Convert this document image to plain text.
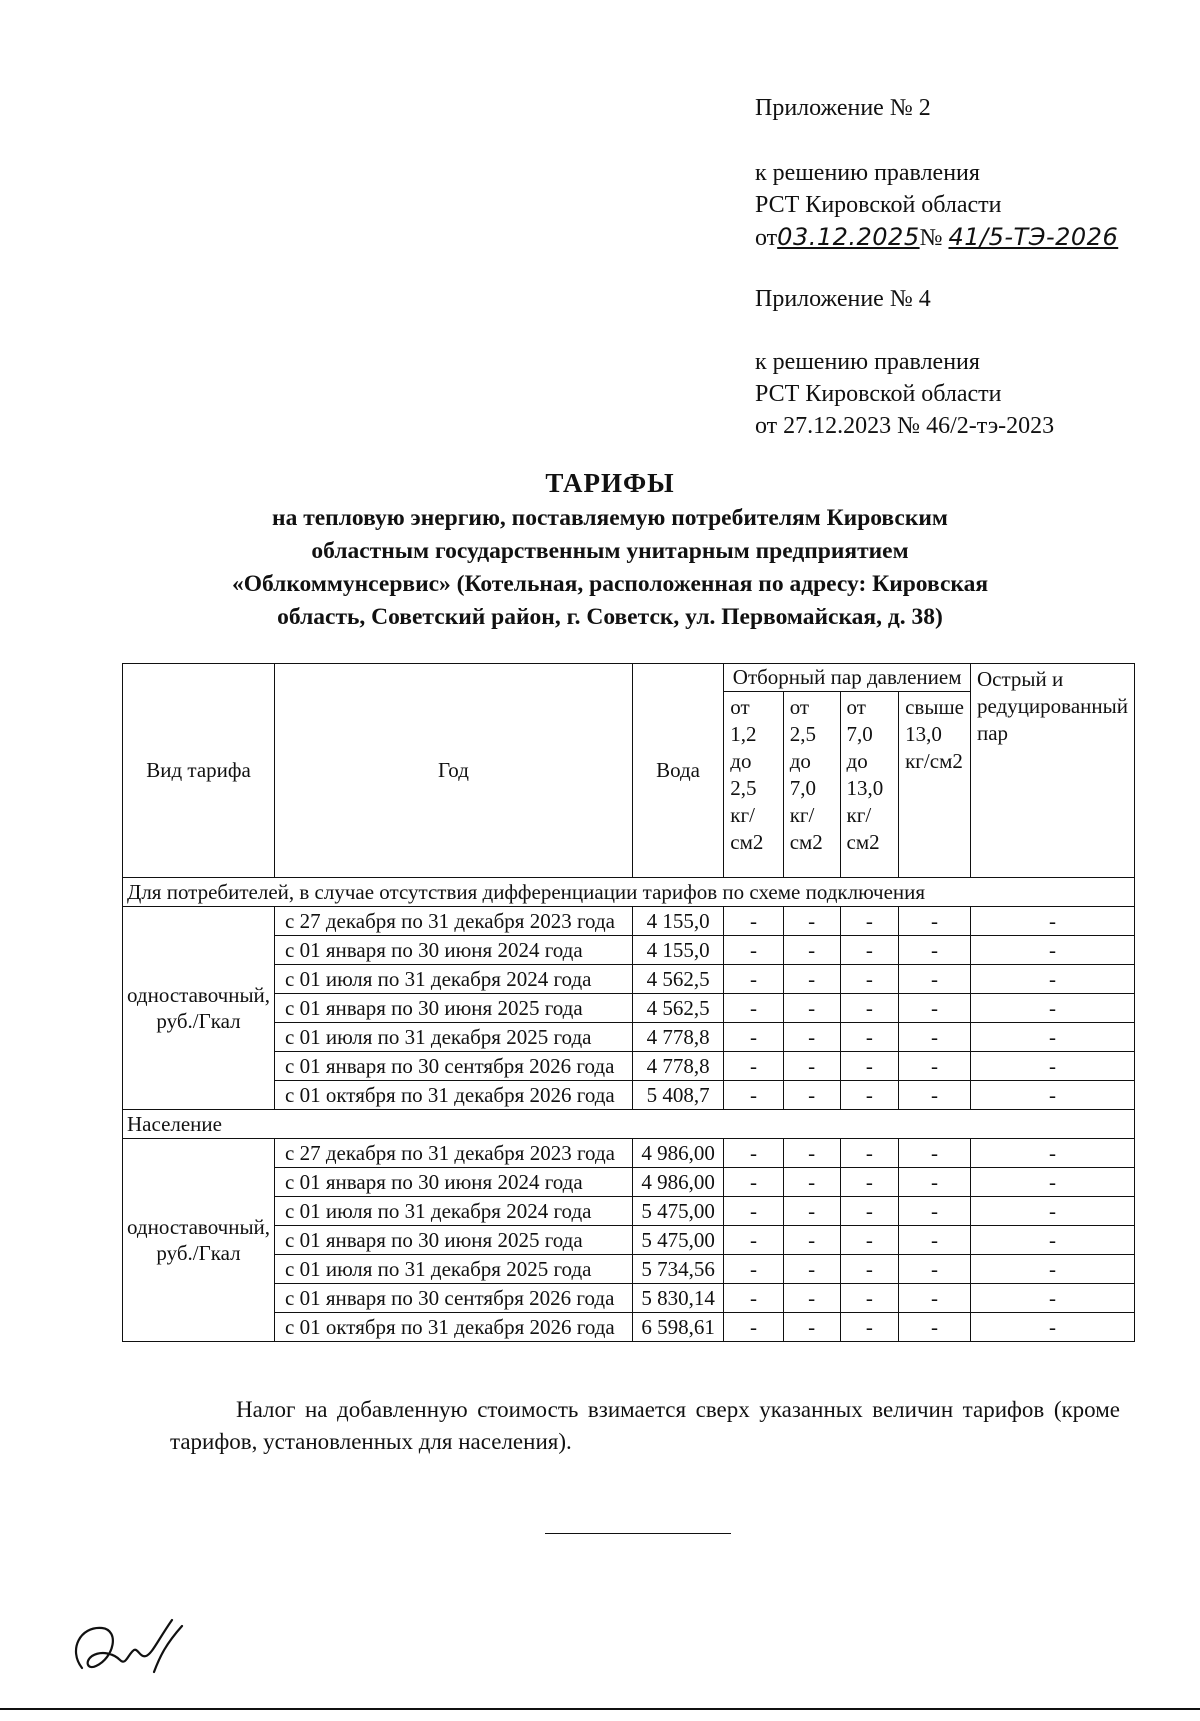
Приложение № 2
к решению правления
РСТ Кировской области
от03.12.2025№ 41/5-ТЭ-2026
Приложение № 4
к решению правления
РСТ Кировской области
от 27.12.2023 № 46/2-тэ-2023
ТАРИФЫ
на тепловую энергию, поставляемую потребителям Кировским
областным государственным унитарным предприятием
«Облкоммунсервис» (Котельная, расположенная по адресу: Кировская
область, Советский район, г. Советск, ул. Первомайская, д. 38)
Вид тарифа	Год	Вода	Отборный пар давлением				Острый и редуцированный пар
			от 1,2 до 2,5 кг/см2	от 2,5 до 7,0 кг/см2	от 7,0 до 13,0 кг/см2	свыше 13,0 кг/см2	
Для потребителей, в случае отсутствия дифференциации тарифов по схеме подключения							
одноставочный, руб./Гкал	с 27 декабря по 31 декабря 2023 года	4 155,0	-	-	-	-	-
	с 01 января по 30 июня 2024 года	4 155,0	-	-	-	-	-
	с 01 июля по 31 декабря 2024 года	4 562,5	-	-	-	-	-
	с 01 января по 30 июня 2025 года	4 562,5	-	-	-	-	-
	с 01 июля по 31 декабря 2025 года	4 778,8	-	-	-	-	-
	с 01 января по 30 сентября 2026 года	4 778,8	-	-	-	-	-
	с 01 октября по 31 декабря 2026 года	5 408,7	-	-	-	-	-
Население							
одноставочный, руб./Гкал	с 27 декабря по 31 декабря 2023 года	4 986,00	-	-	-	-	-
	с 01 января по 30 июня 2024 года	4 986,00	-	-	-	-	-
	с 01 июля по 31 декабря 2024 года	5 475,00	-	-	-	-	-
	с 01 января по 30 июня 2025 года	5 475,00	-	-	-	-	-
	с 01 июля по 31 декабря 2025 года	5 734,56	-	-	-	-	-
	с 01 января по 30 сентября 2026 года	5 830,14	-	-	-	-	-
	с 01 октября по 31 декабря 2026 года	6 598,61	-	-	-	-	-
Налог на добавленную стоимость взимается сверх указанных величин тарифов (кроме тарифов, установленных для населения).
